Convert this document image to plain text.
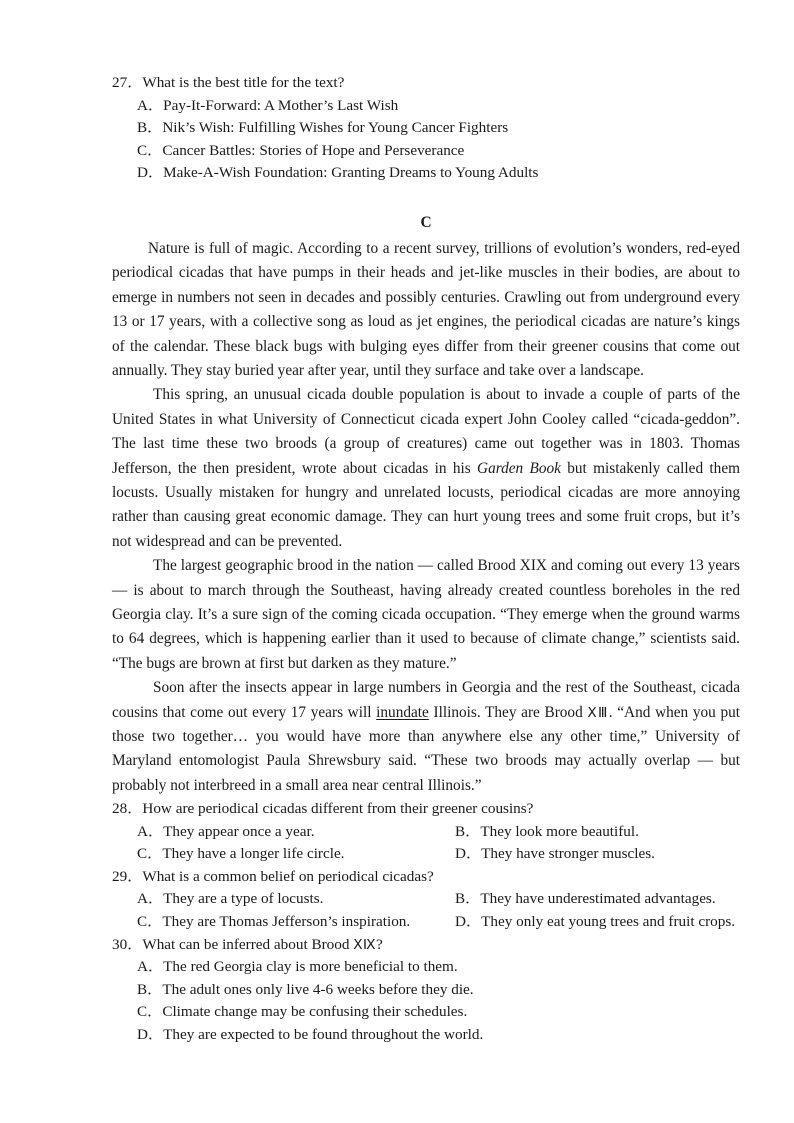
27．What is the best title for the text?
A．Pay-It-Forward: A Mother’s Last Wish
B．Nik’s Wish: Fulfilling Wishes for Young Cancer Fighters
C．Cancer Battles: Stories of Hope and Perseverance
D．Make-A-Wish Foundation: Granting Dreams to Young Adults
C

Nature is full of magic. According to a recent survey, trillions of evolution’s wonders, red-eyed periodical cicadas that have pumps in their heads and jet-like muscles in their bodies, are about to emerge in numbers not seen in decades and possibly centuries. Crawling out from underground every 13 or 17 years, with a collective song as loud as jet engines, the periodical cicadas are nature’s kings of the calendar. These black bugs with bulging eyes differ from their greener cousins that come out annually. They stay buried year after year, until they surface and take over a landscape.

This spring, an unusual cicada double population is about to invade a couple of parts of the United States in what University of Connecticut cicada expert John Cooley called “cicada-geddon”. The last time these two broods (a group of creatures) came out together was in 1803. Thomas Jefferson, the then president, wrote about cicadas in his Garden Book but mistakenly called them locusts. Usually mistaken for hungry and unrelated locusts, periodical cicadas are more annoying rather than causing great economic damage. They can hurt young trees and some fruit crops, but it’s not widespread and can be prevented.

The largest geographic brood in the nation — called Brood XIX and coming out every 13 years — is about to march through the Southeast, having already created countless boreholes in the red Georgia clay. It’s a sure sign of the coming cicada occupation. “They emerge when the ground warms to 64 degrees, which is happening earlier than it used to because of climate change,” scientists said. “The bugs are brown at first but darken as they mature.”

Soon after the insects appear in large numbers in Georgia and the rest of the Southeast, cicada cousins that come out every 17 years will inundate Illinois. They are Brood ⅩⅢ. “And when you put those two together… you would have more than anywhere else any other time,” University of Maryland entomologist Paula Shrewsbury said. “These two broods may actually overlap — but probably not interbreed in a small area near central Illinois.”

28．How are periodical cicadas different from their greener cousins?
A．They appear once a year.	B．They look more beautiful.
C．They have a longer life circle.	D．They have stronger muscles.
29．What is a common belief on periodical cicadas?
A．They are a type of locusts.	B．They have underestimated advantages.
C．They are Thomas Jefferson’s inspiration.	D．They only eat young trees and fruit crops.
30．What can be inferred about Brood ⅩⅨ?
A．The red Georgia clay is more beneficial to them.
B．The adult ones only live 4-6 weeks before they die.
C．Climate change may be confusing their schedules.
D．They are expected to be found throughout the world.
